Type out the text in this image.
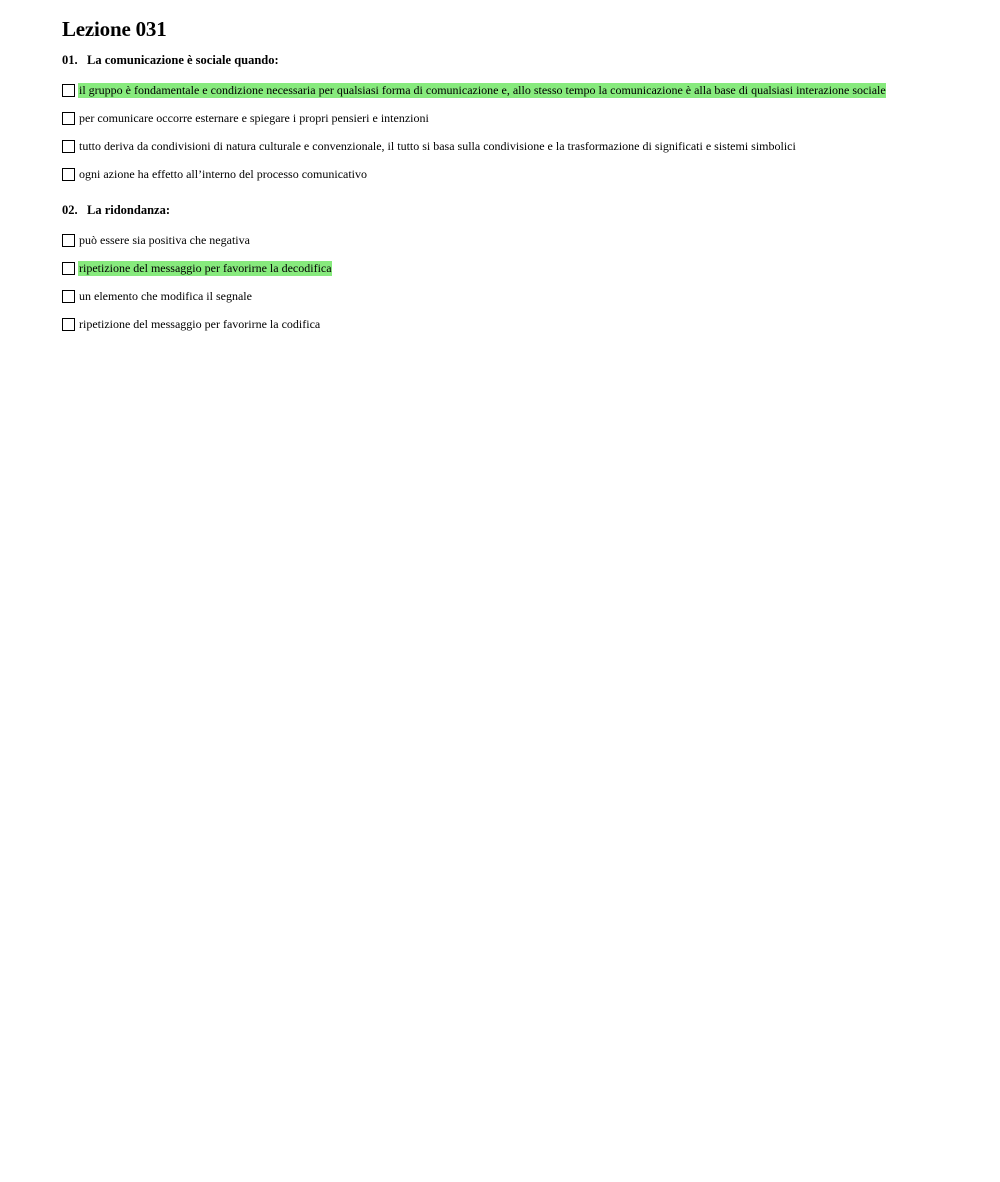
Lezione 031
01. La comunicazione è sociale quando:
il gruppo è fondamentale e condizione necessaria per qualsiasi forma di comunicazione e, allo stesso tempo la comunicazione è alla base di qualsiasi interazione sociale
per comunicare occorre esternare e spiegare i propri pensieri e intenzioni
tutto deriva da condivisioni di natura culturale e convenzionale, il tutto si basa sulla condivisione e la trasformazione di significati e sistemi simbolici
ogni azione ha effetto all’interno del processo comunicativo
02. La ridondanza:
può essere sia positiva che negativa
ripetizione del messaggio per favorirne la decodifica
un elemento che modifica il segnale
ripetizione del messaggio per favorirne la codifica
